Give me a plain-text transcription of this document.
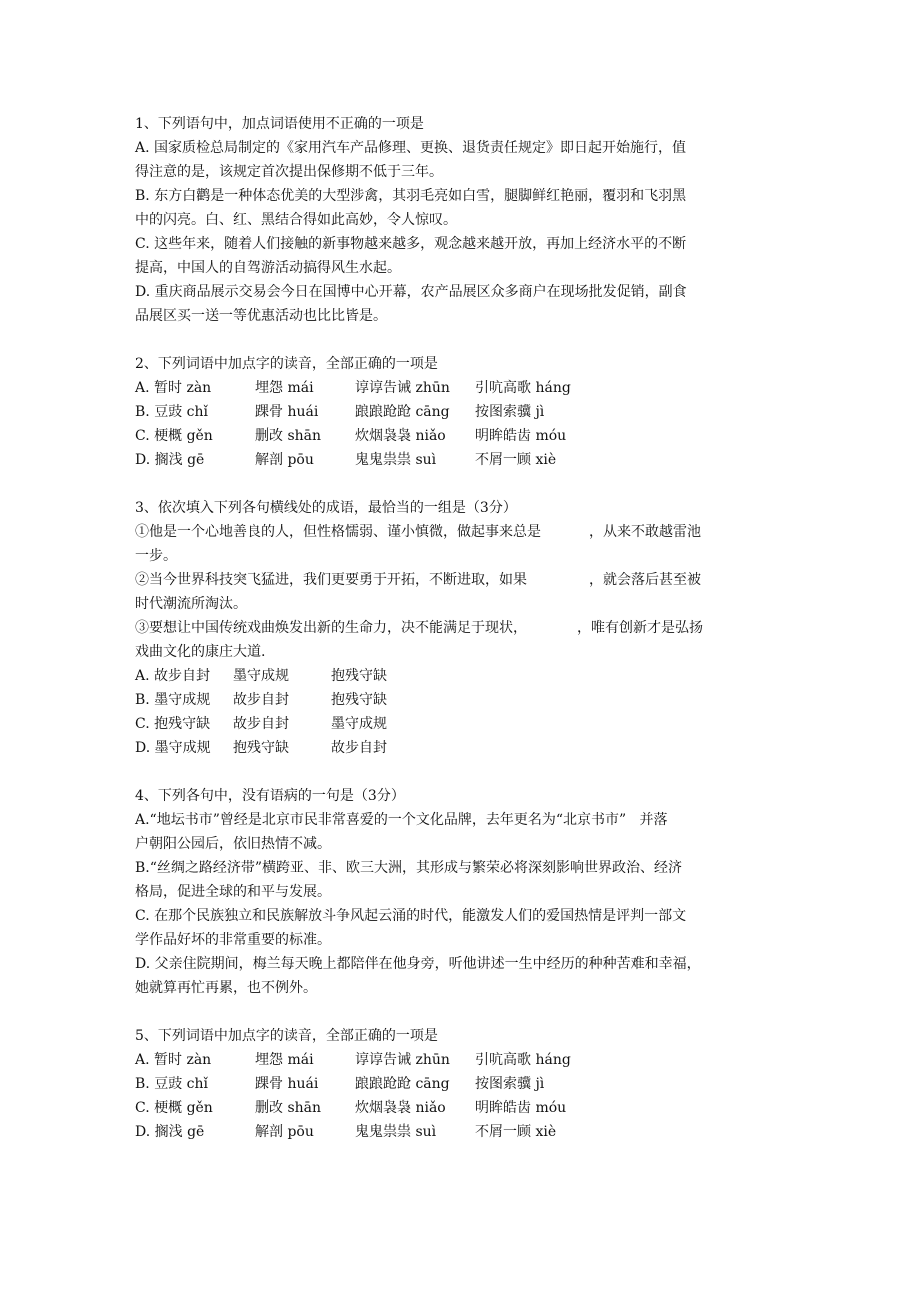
1、下列语句中，加点词语使用不正确的一项是
A. 国家质检总局制定的《家用汽车产品修理、更换、退货责任规定》即日起开始施行，值
得注意的是，该规定首次提出保修期不低于三年。
B. 东方白鹳是一种体态优美的大型涉禽，其羽毛亮如白雪，腿脚鲜红艳丽，覆羽和飞羽黑
中的闪亮。白、红、黑结合得如此高妙，令人惊叹。
C. 这些年来，随着人们接触的新事物越来越多，观念越来越开放，再加上经济水平的不断
提高，中国人的自驾游活动搞得风生水起。
D. 重庆商品展示交易会今日在国博中心开幕，农产品展区众多商户在现场批发促销，副食
品展区买一送一等优惠活动也比比皆是。
2、下列词语中加点字的读音，全部正确的一项是
A. 暂时 zàn	埋怨 mái	谆谆告诫 zhūn	引吭高歌 háng
B. 豆豉 chǐ	踝骨 huái	踉踉跄跄 cāng	按图索骥 jì
C. 梗概 gěn	删改 shān	炊烟袅袅 niǎo	明眸皓齿 móu
D. 搁浅 gē	解剖 pōu	鬼鬼祟祟 suì	不屑一顾 xiè
3、依次填入下列各句横线处的成语，最恰当的一组是（3分）
①他是一个心地善良的人，但性格懦弱、谨小慎微，做起事来总是	，从来不敢越雷池
一步。
②当今世界科技突飞猛进，我们更要勇于开拓，不断进取，如果	，就会落后甚至被
时代潮流所淘汰。
③要想让中国传统戏曲焕发出新的生命力，决不能满足于现状，	，唯有创新才是弘扬
戏曲文化的康庄大道.
A. 故步自封	墨守成规	抱残守缺
B. 墨守成规	故步自封	抱残守缺
C. 抱残守缺	故步自封	墨守成规
D. 墨守成规	抱残守缺	故步自封
4、下列各句中，没有语病的一句是（3分）
A.“地坛书市”曾经是北京市民非常喜爱的一个文化品牌，去年更名为“北京书市”   并落
户朝阳公园后，依旧热情不减。
B.“丝绸之路经济带”横跨亚、非、欧三大洲，其形成与繁荣必将深刻影响世界政治、经济
格局，促进全球的和平与发展。
C. 在那个民族独立和民族解放斗争风起云涌的时代，能激发人们的爱国热情是评判一部文
学作品好坏的非常重要的标准。
D. 父亲住院期间，梅兰每天晚上都陪伴在他身旁，听他讲述一生中经历的种种苦难和幸福，
她就算再忙再累，也不例外。
5、下列词语中加点字的读音，全部正确的一项是
A. 暂时 zàn	埋怨 mái	谆谆告诫 zhūn	引吭高歌 háng
B. 豆豉 chǐ	踝骨 huái	踉踉跄跄 cāng	按图索骥 jì
C. 梗概 gěn	删改 shān	炊烟袅袅 niǎo	明眸皓齿 móu
D. 搁浅 gē	解剖 pōu	鬼鬼祟祟 suì	不屑一顾 xiè
